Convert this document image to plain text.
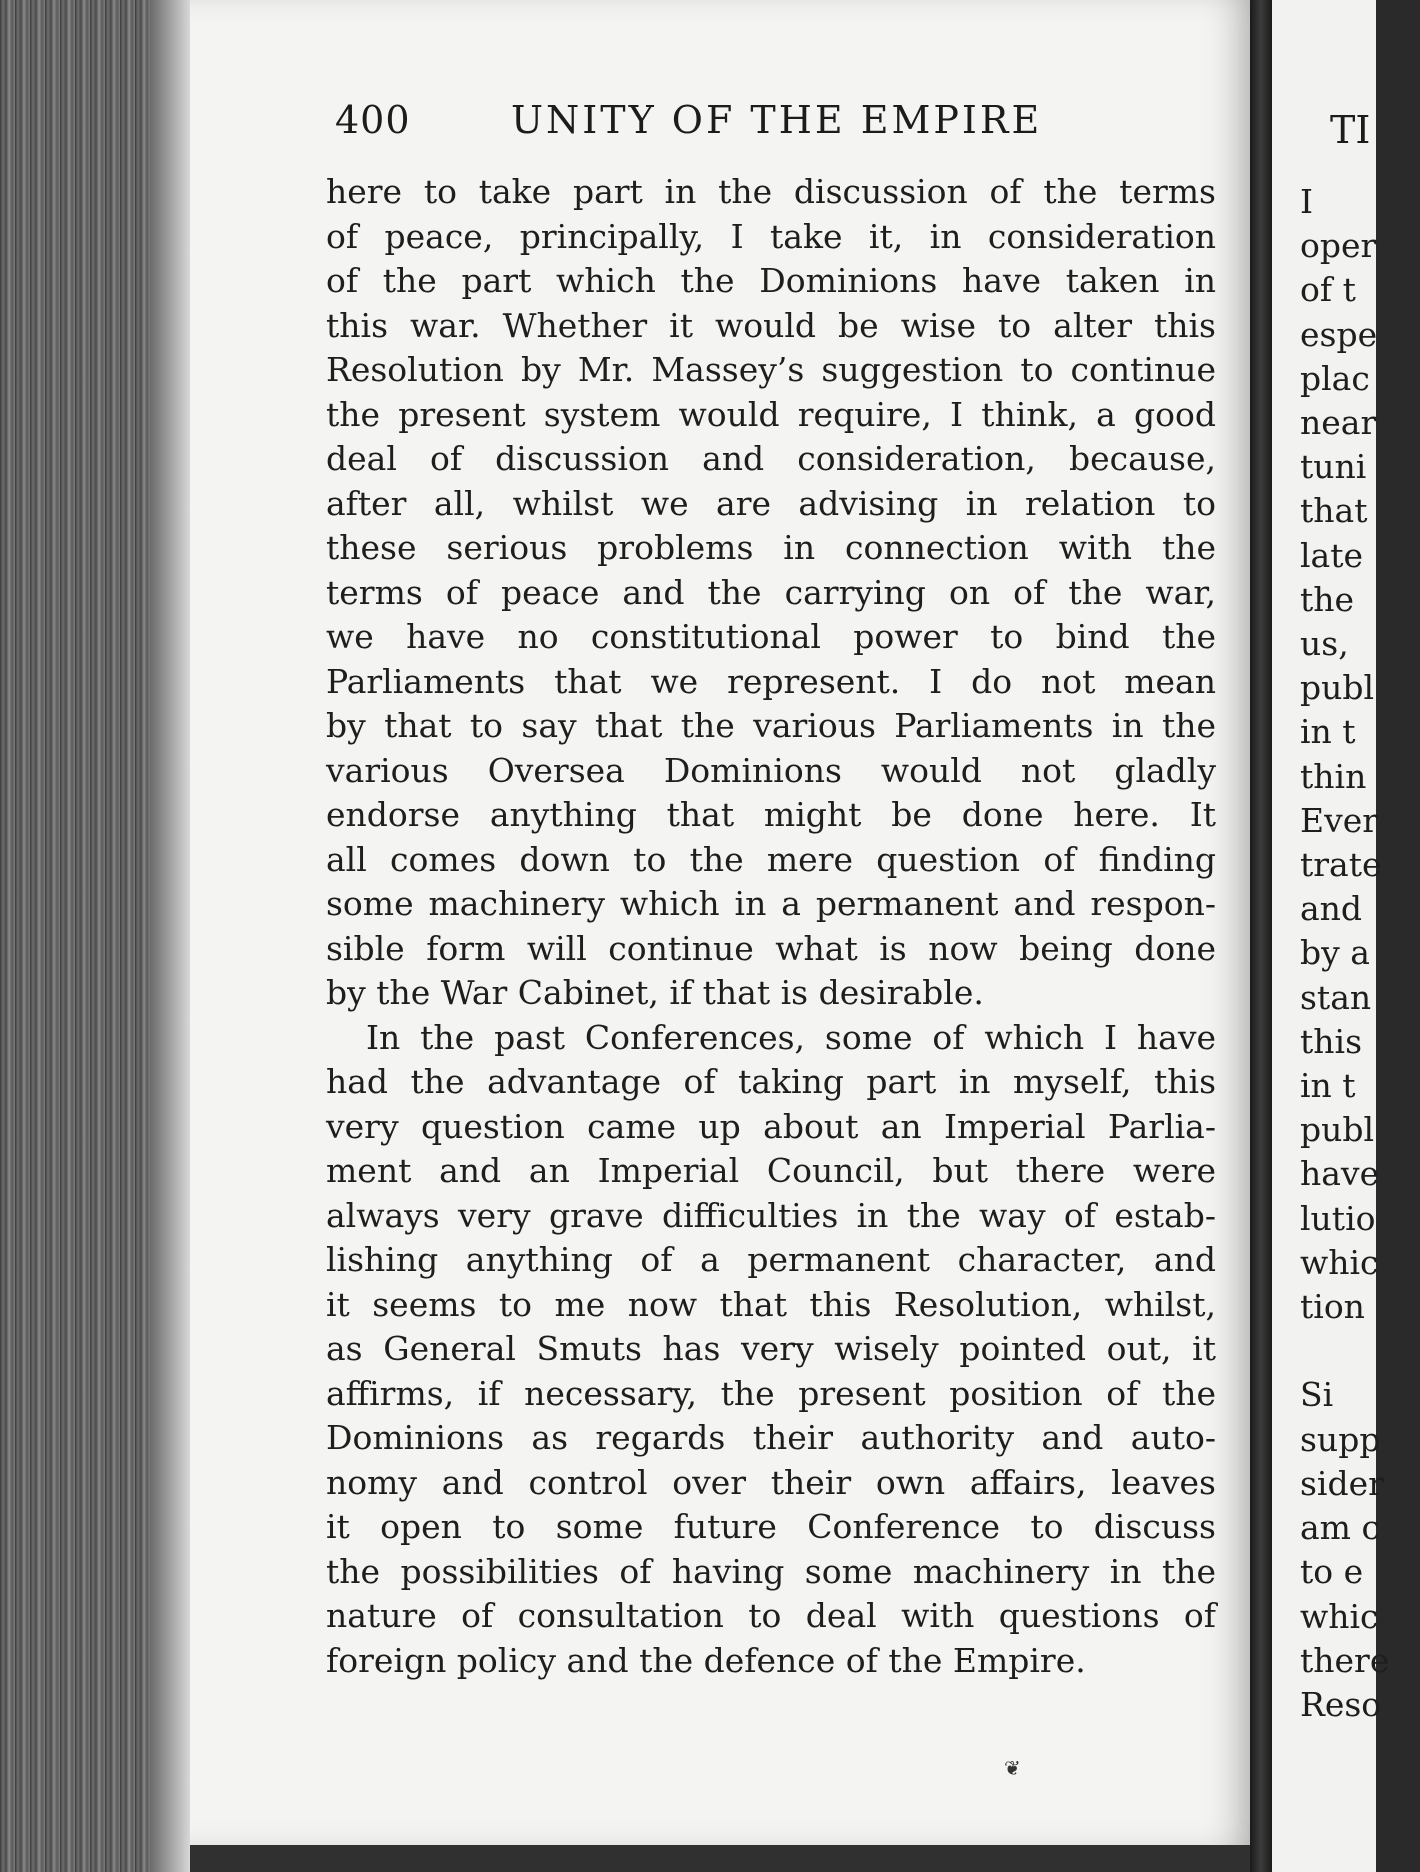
400	UNITY OF THE EMPIRE
here to take part in the discussion of the terms
of peace, principally, I take it, in consideration
of the part which the Dominions have taken in
this war. Whether it would be wise to alter this
Resolution by Mr. Massey’s suggestion to continue
the present system would require, I think, a good
deal of discussion and consideration, because,
after all, whilst we are advising in relation to
these serious problems in connection with the
terms of peace and the carrying on of the war,
we have no constitutional power to bind the
Parliaments that we represent. I do not mean
by that to say that the various Parliaments in the
various Oversea Dominions would not gladly
endorse anything that might be done here. It
all comes down to the mere question of finding
some machinery which in a permanent and respon-
sible form will continue what is now being done
by the War Cabinet, if that is desirable.
In the past Conferences, some of which I have
had the advantage of taking part in myself, this
very question came up about an Imperial Parlia-
ment and an Imperial Council, but there were
always very grave difficulties in the way of estab-
lishing anything of a permanent character, and
it seems to me now that this Resolution, whilst,
as General Smuts has very wisely pointed out, it
affirms, if necessary, the present position of the
Dominions as regards their authority and auto-
nomy and control over their own affairs, leaves
it open to some future Conference to discuss
the possibilities of having some machinery in the
nature of consultation to deal with questions of
foreign policy and the defence of the Empire.
❦
TI
I
oper
of t
espe
plac
near
tuni
that
late
the
us,
publ
in t
thin
Ever
trate
and
by a
stan
this
in t
publ
have
lutio
whic
tion

Si
supp
sider
am c
to e
whic
there
Reso
